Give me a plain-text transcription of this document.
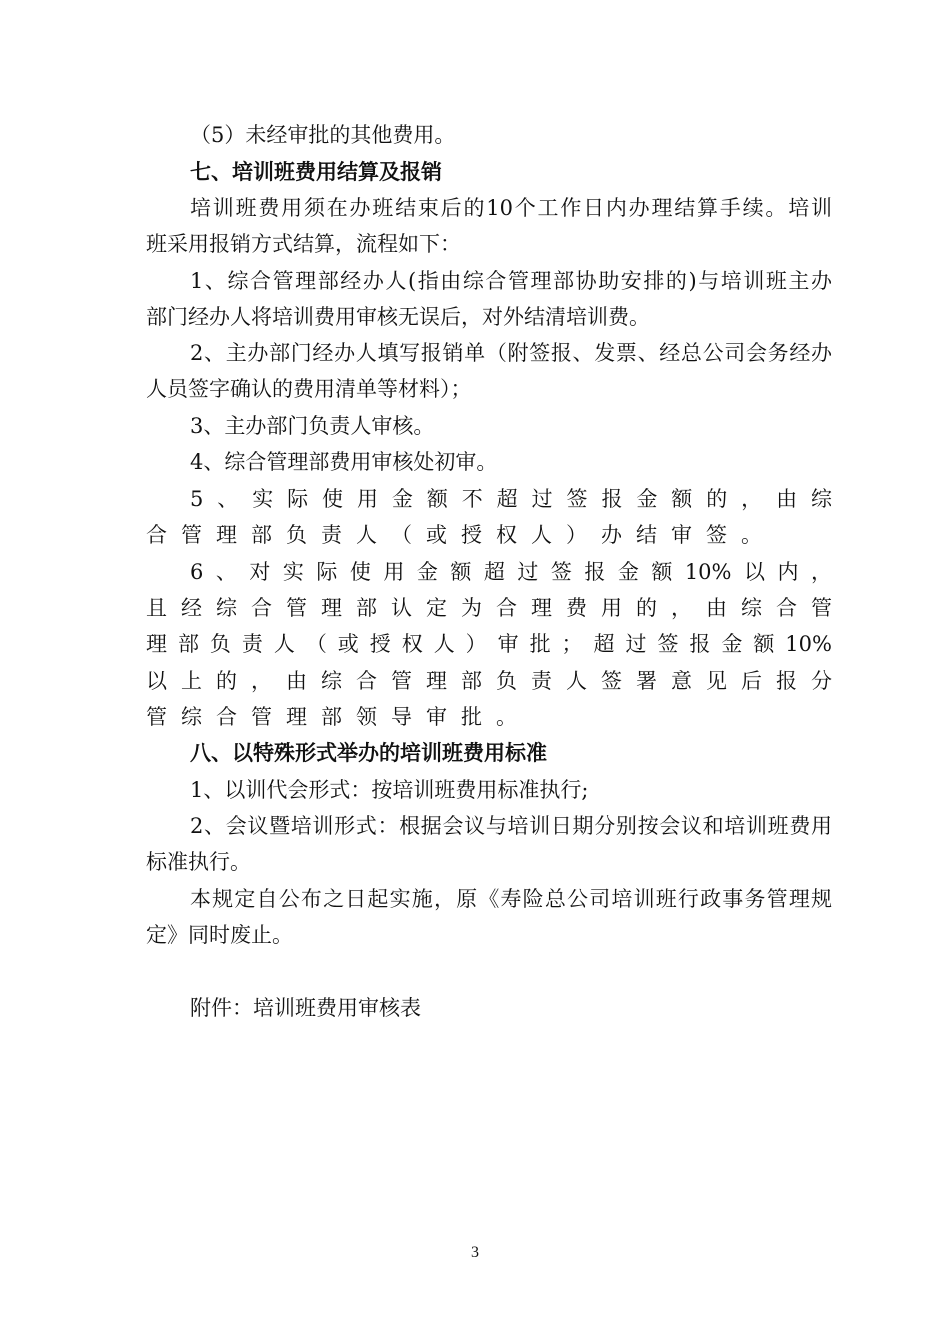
（5）未经审批的其他费用。
七、培训班费用结算及报销
培训班费用须在办班结束后的10个工作日内办理结算手续。培训
班采用报销方式结算，流程如下：
1、综合管理部经办人(指由综合管理部协助安排的)与培训班主办
部门经办人将培训费用审核无误后，对外结清培训费。
2、主办部门经办人填写报销单（附签报、发票、经总公司会务经办
人员签字确认的费用清单等材料）；
3、主办部门负责人审核。
4、综合管理部费用审核处初审。
5、实际使用金额不超过签报金额的，由综
合管理部负责人（或授权人）办结审签。
6、对实际使用金额超过签报金额10%以内，
且经综合管理部认定为合理费用的，由综合管
理部负责人（或授权人）审批；超过签报金额10%
以上的，由综合管理部负责人签署意见后报分
管综合管理部领导审批。
八、以特殊形式举办的培训班费用标准
1、以训代会形式：按培训班费用标准执行;
2、会议暨培训形式：根据会议与培训日期分别按会议和培训班费用
标准执行。
本规定自公布之日起实施，原《寿险总公司培训班行政事务管理规
定》同时废止。
附件：培训班费用审核表
3
